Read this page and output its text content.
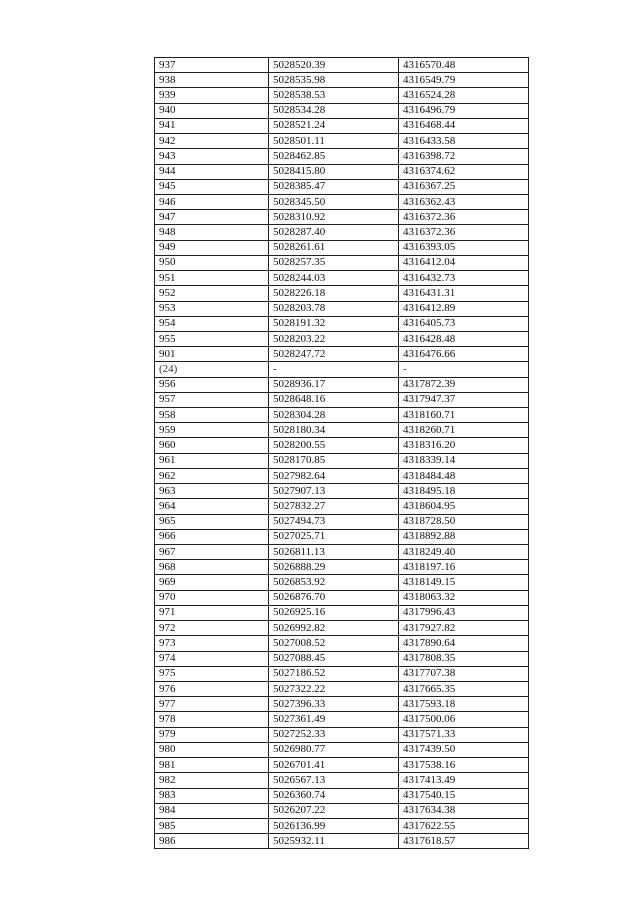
937	5028520.39	4316570.48
938	5028535.98	4316549.79
939	5028538.53	4316524.28
940	5028534.28	4316496.79
941	5028521.24	4316468.44
942	5028501.11	4316433.58
943	5028462.85	4316398.72
944	5028415.80	4316374.62
945	5028385.47	4316367.25
946	5028345.50	4316362.43
947	5028310.92	4316372.36
948	5028287.40	4316372.36
949	5028261.61	4316393.05
950	5028257.35	4316412.04
951	5028244.03	4316432.73
952	5028226.18	4316431.31
953	5028203.78	4316412.89
954	5028191.32	4316405.73
955	5028203.22	4316428.48
901	5028247.72	4316476.66
(24)	-	-
956	5028936.17	4317872.39
957	5028648.16	4317947.37
958	5028304.28	4318160.71
959	5028180.34	4318260.71
960	5028200.55	4318316.20
961	5028170.85	4318339.14
962	5027982.64	4318484.48
963	5027907.13	4318495.18
964	5027832.27	4318604.95
965	5027494.73	4318728.50
966	5027025.71	4318892.88
967	5026811.13	4318249.40
968	5026888.29	4318197.16
969	5026853.92	4318149.15
970	5026876.70	4318063.32
971	5026925.16	4317996.43
972	5026992.82	4317927.82
973	5027008.52	4317890.64
974	5027088.45	4317808.35
975	5027186.52	4317707.38
976	5027322.22	4317665.35
977	5027396.33	4317593.18
978	5027361.49	4317500.06
979	5027252.33	4317571.33
980	5026980.77	4317439.50
981	5026701.41	4317538.16
982	5026567.13	4317413.49
983	5026360.74	4317540.15
984	5026207.22	4317634.38
985	5026136.99	4317622.55
986	5025932.11	4317618.57
